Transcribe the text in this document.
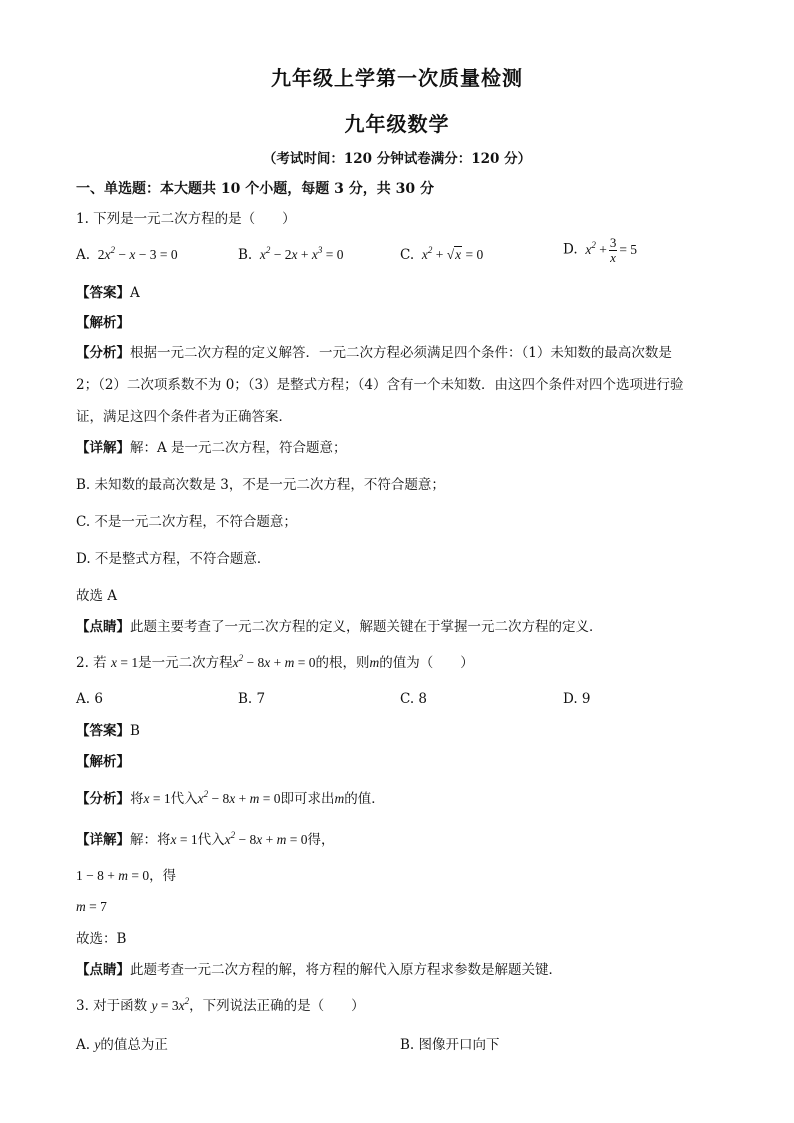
九年级上学第一次质量检测
九年级数学
（考试时间：120 分钟试卷满分：120 分）
一、单选题：本大题共 10 个小题，每题 3 分，共 30 分
1. 下列是一元二次方程的是（　　）
A. $2x^2 - x - 3 = 0$	B.  $x^2 - 2x + x^3 = 0$	C.  $x^2 + √x = 0$	D.  $x^2 + \frac{3}{x} = 5$
【答案】A
【解析】
【分析】根据一元二次方程的定义解答．一元二次方程必须满足四个条件：（1）未知数的最高次数是
2；（2）二次项系数不为 0；（3）是整式方程；（4）含有一个未知数．由这四个条件对四个选项进行验
证，满足这四个条件者为正确答案．
【详解】解：A 是一元二次方程，符合题意；
B. 未知数的最高次数是 3，不是一元二次方程，不符合题意；
C. 不是一元二次方程，不符合题意；
D. 不是整式方程，不符合题意．
故选 A
【点睛】此题主要考查了一元二次方程的定义，解题关键在于掌握一元二次方程的定义．
2. 若 x = 1是一元二次方程$x^2 - 8x + m = 0$的根，则m的值为（　　）
A. 6	B. 7	C. 8	D. 9
【答案】B
【解析】
【分析】将x = 1代入$x^2 - 8x + m = 0$即可求出m的值．
【详解】解：将x = 1代入$x^2 - 8x + m = 0$得，
1 − 8 + m = 0，得
m = 7
故选：B
【点睛】此题考查一元二次方程的解，将方程的解代入原方程求参数是解题关键．
3. 对于函数 $y = 3x^2$，下列说法正确的是（　　）
A. y的值总为正	B. 图像开口向下
